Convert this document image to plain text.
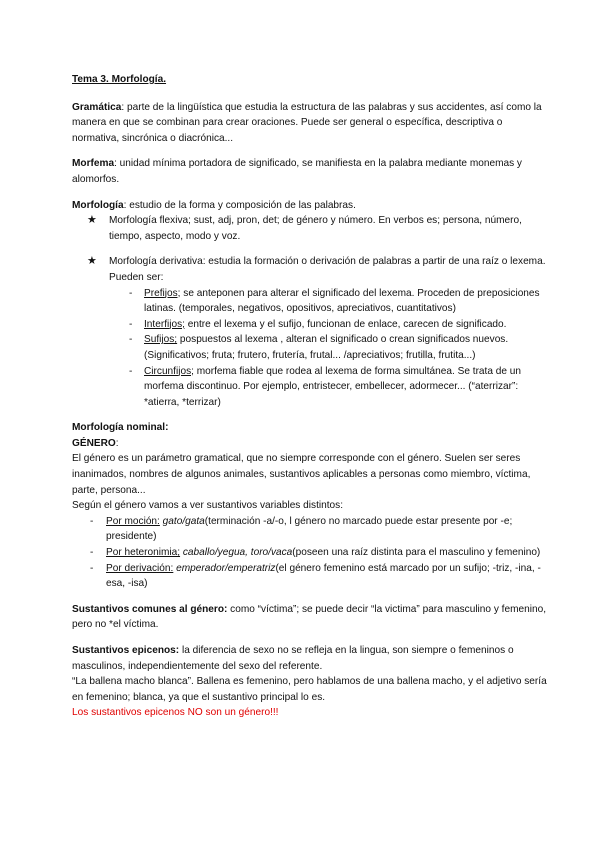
Tema 3. Morfología.

Gramática: parte de la lingüística que estudia la estructura de las palabras y sus accidentes, así como la manera en que se combinan para crear oraciones. Puede ser general o específica, descriptiva o normativa, sincrónica o diacrónica...

Morfema: unidad mínima portadora de significado, se manifiesta en la palabra mediante monemas y alomorfos.

Morfología: estudio de la forma y composición de las palabras.

★ Morfología flexiva; sust, adj, pron, det; de género y número. En verbos es; persona, número, tiempo, aspecto, modo y voz.
★ Morfología derivativa: estudia la formación o derivación de palabras a partir de una raíz o lexema. Pueden ser:
- Prefijos; se anteponen para alterar el significado del lexema. Proceden de preposiciones latinas. (temporales, negativos, opositivos, apreciativos, cuantitativos)
- Interfijos; entre el lexema y el sufijo, funcionan de enlace, carecen de significado.
- Sufijos; pospuestos al lexema , alteran el significado o crean significados nuevos. (Significativos; fruta; frutero, frutería, frutal... /apreciativos; frutilla, frutita...)
- Circunfijos; morfema fiable que rodea al lexema de forma simultánea. Se trata de un morfema discontinuo. Por ejemplo, entristecer, embellecer, adormecer... (“aterrizar”: *atierra, *terrizar)

Morfología nominal:

GÉNERO:

El género es un parámetro gramatical, que no siempre corresponde con el género. Suelen ser seres inanimados, nombres de algunos animales, sustantivos aplicables a personas como miembro, víctima, parte, persona...

Según el género vamos a ver sustantivos variables distintos:

- Por moción: gato/gata(terminación -a/-o, l género no marcado puede estar presente por -e; presidente)
- Por heteronimia; caballo/yegua, toro/vaca(poseen una raíz distinta para el masculino y femenino)
- Por derivación: emperador/emperatriz(el género femenino está marcado por un sufijo; -triz, -ina, -esa, -isa)

Sustantivos comunes al género: como “víctima”; se puede decir “la victima” para masculino y femenino, pero no *el víctima.

Sustantivos epicenos: la diferencia de sexo no se refleja en la lingua, son siempre o femeninos o masculinos, independientemente del sexo del referente.

“La ballena macho blanca”. Ballena es femenino, pero hablamos de una ballena macho, y el adjetivo sería en femenino; blanca, ya que el sustantivo principal lo es.

Los sustantivos epicenos NO son un género!!!
